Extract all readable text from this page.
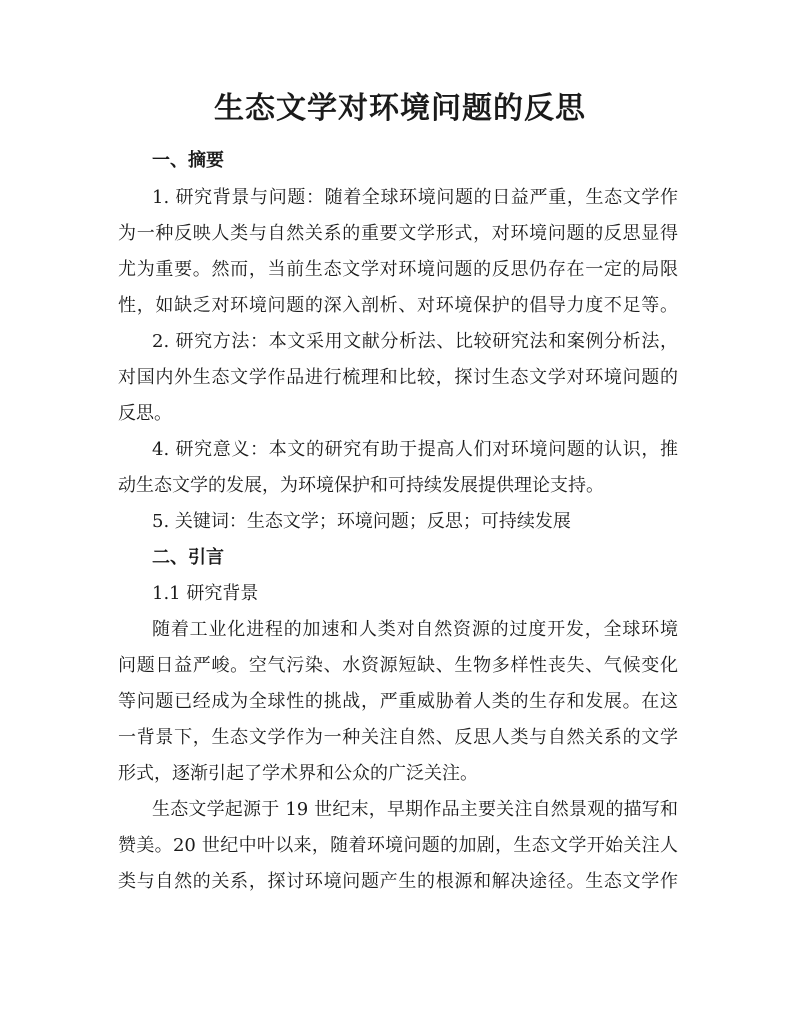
生态文学对环境问题的反思
一、摘要
1. 研究背景与问题：随着全球环境问题的日益严重，生态文学作
为一种反映人类与自然关系的重要文学形式，对环境问题的反思显得
尤为重要。然而，当前生态文学对环境问题的反思仍存在一定的局限
性，如缺乏对环境问题的深入剖析、对环境保护的倡导力度不足等。
2. 研究方法：本文采用文献分析法、比较研究法和案例分析法，
对国内外生态文学作品进行梳理和比较，探讨生态文学对环境问题的
反思。
4. 研究意义：本文的研究有助于提高人们对环境问题的认识，推
动生态文学的发展，为环境保护和可持续发展提供理论支持。
5. 关键词：生态文学；环境问题；反思；可持续发展
二、引言
1.1 研究背景
随着工业化进程的加速和人类对自然资源的过度开发，全球环境
问题日益严峻。空气污染、水资源短缺、生物多样性丧失、气候变化
等问题已经成为全球性的挑战，严重威胁着人类的生存和发展。在这
一背景下，生态文学作为一种关注自然、反思人类与自然关系的文学
形式，逐渐引起了学术界和公众的广泛关注。
生态文学起源于 19 世纪末，早期作品主要关注自然景观的描写和
赞美。20 世纪中叶以来，随着环境问题的加剧，生态文学开始关注人
类与自然的关系，探讨环境问题产生的根源和解决途径。生态文学作
